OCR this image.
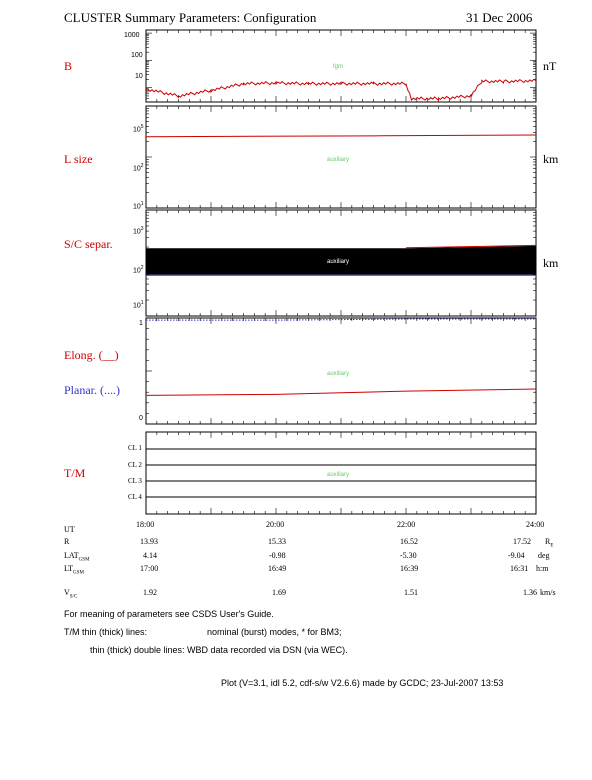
CLUSTER Summary Parameters: Configuration	31 Dec 2006
B	nT
fgm
L size	km
auxiliary
S/C separ.
km
Elong. (__)
Planar. (....)
auxiliary
T/M	auxiliary
CL 1
CL 2
CL 3
CL 4
1000
100
10
$10^5$
$10^2$
$10^1$
$10^3$
$10^2$
$10^1$
1
0
auxiliary
18:00	20:00	22:00	24:00
UT
R	13.93	15.33	16.52	17.52 $R_E$
$LAT_{GSM}$
4.14	-0.98	-5.30	-9.04 deg
$LT_{GSM}$
17:00	16:49	16:39	16:31 h:m
$V_{S/C}$
1.92	1.69	1.51	1.36 km/s
For meaning of parameters see CSDS User's Guide.
T/M thin (thick) lines:	nominal (burst) modes, * for BM3;
thin (thick) double lines: WBD data recorded via DSN (via WEC).
Plot (V=3.1, idl 5.2, cdf-s/w V2.6.6) made by GCDC; 23-Jul-2007 13:53
